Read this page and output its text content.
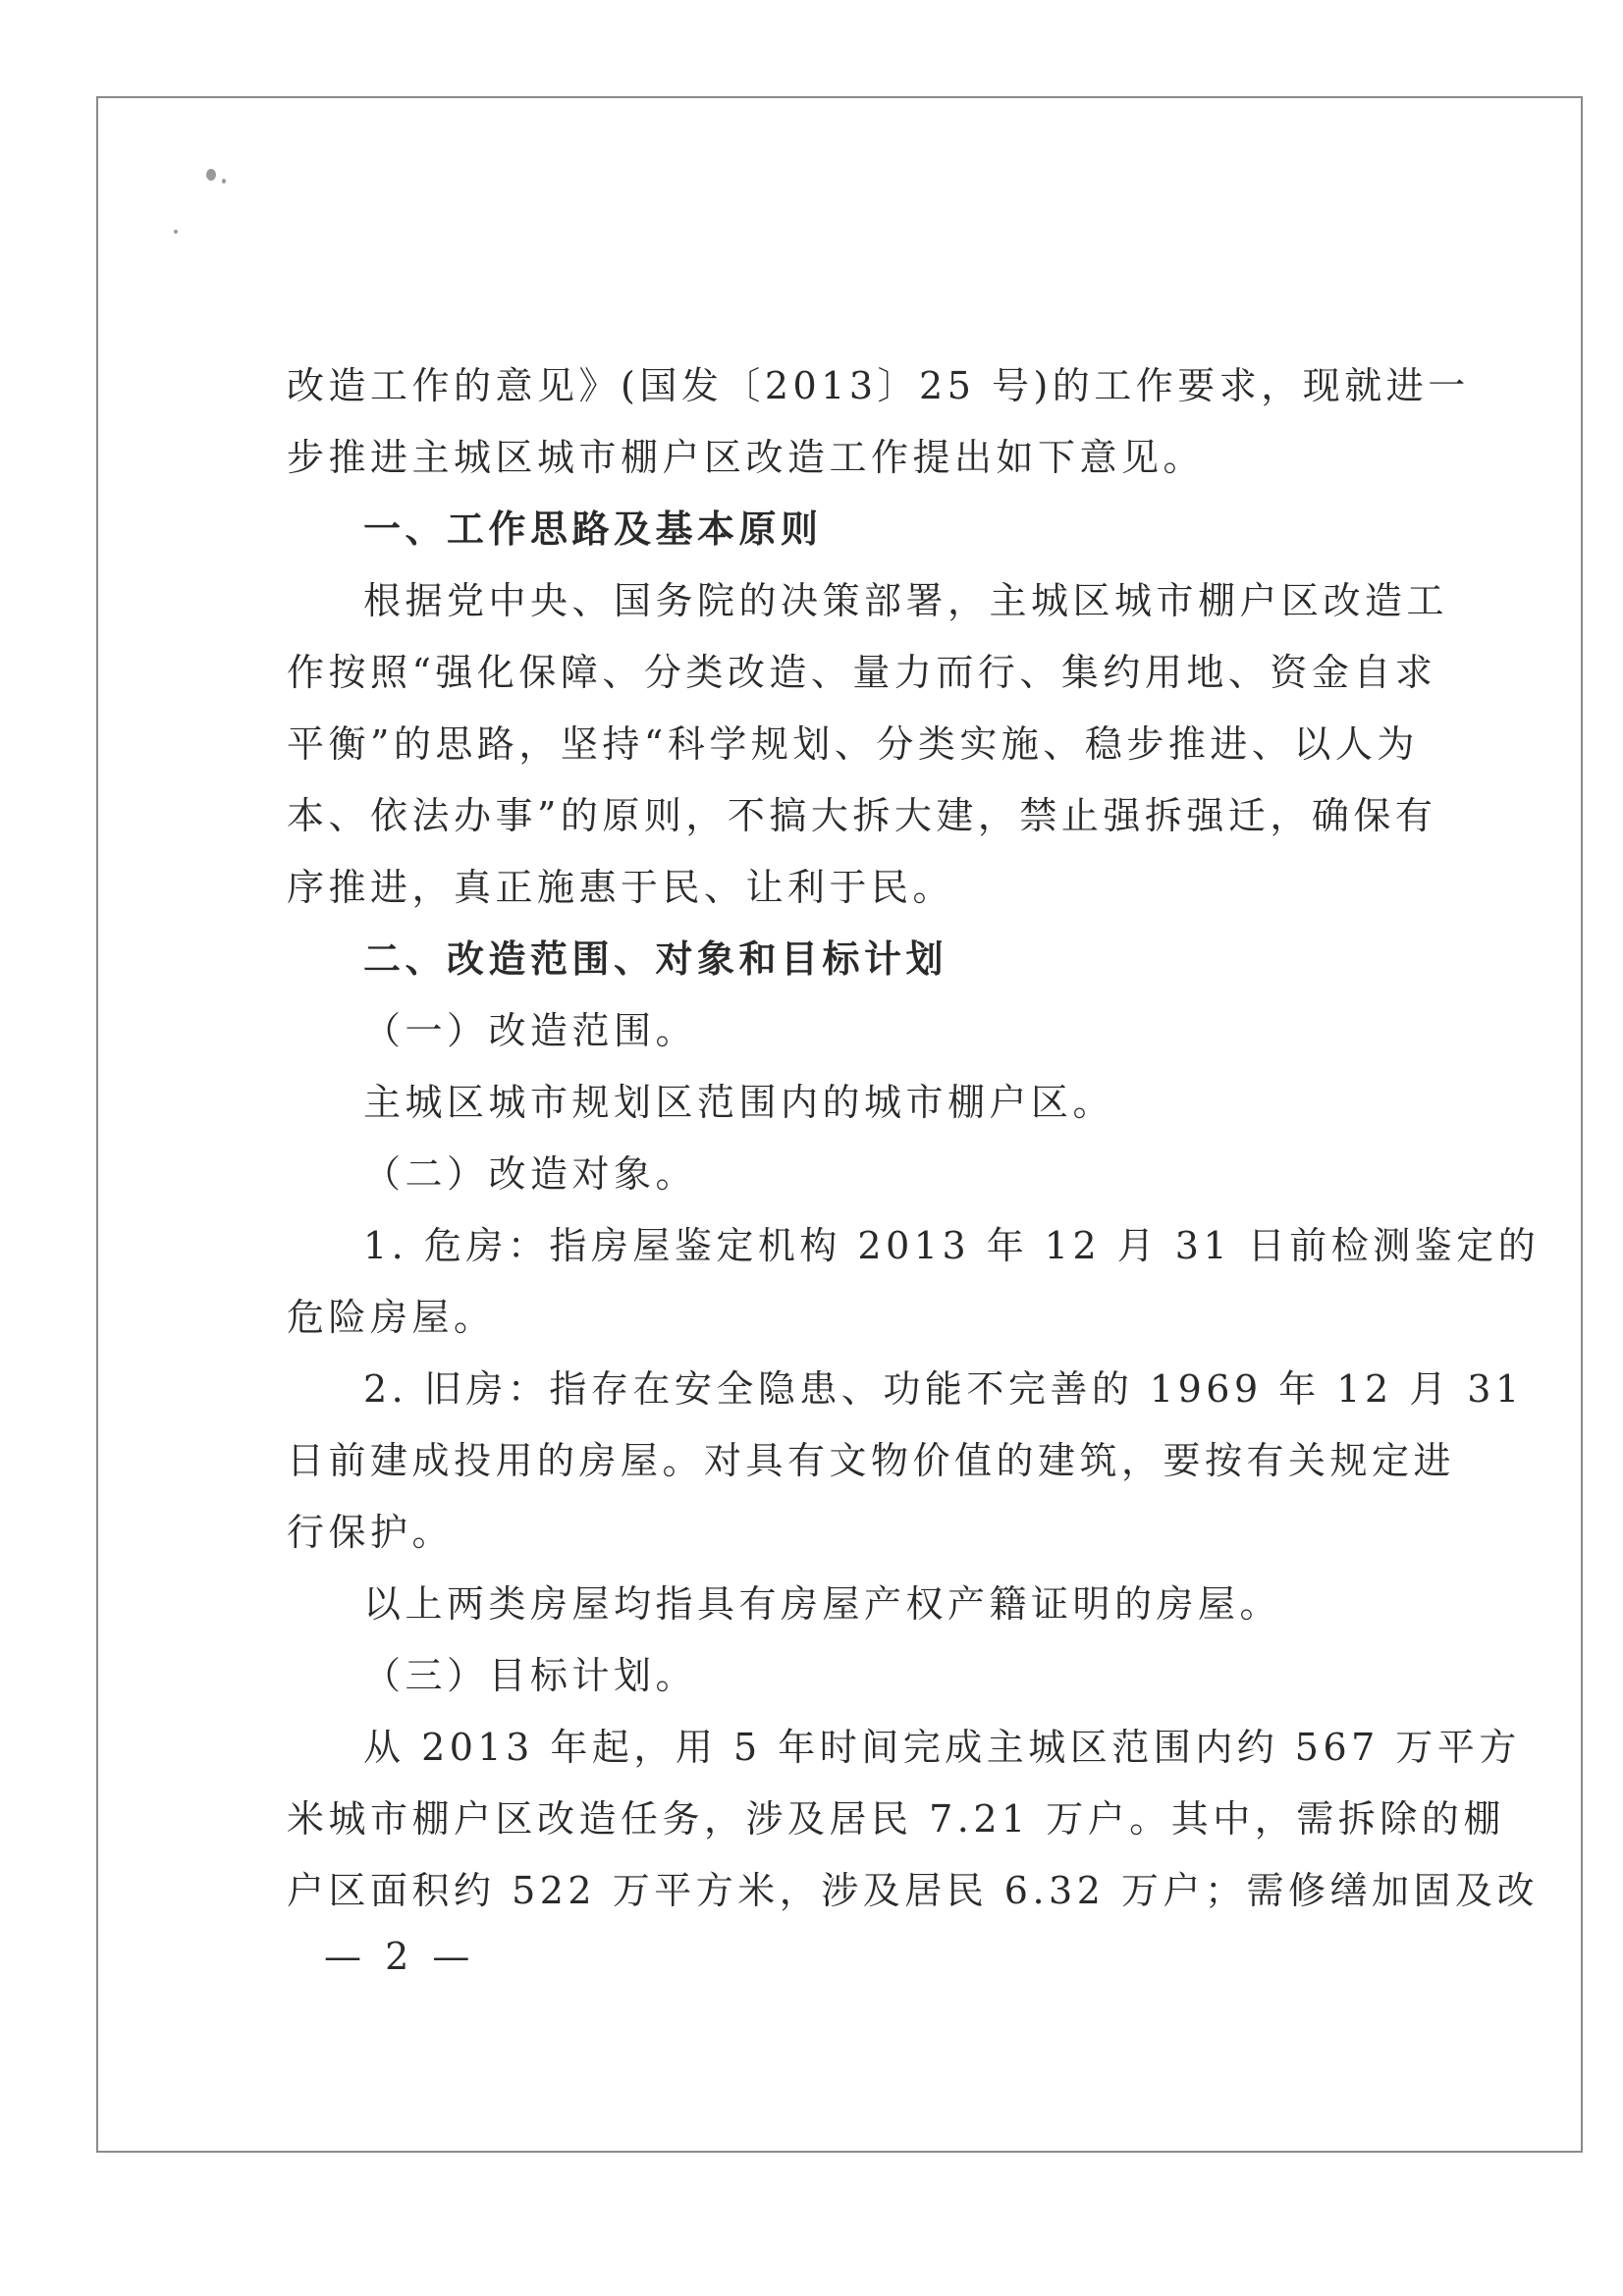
改造工作的意见》(国发〔2013〕25 号)的工作要求，现就进一
步推进主城区城市棚户区改造工作提出如下意见。
一、工作思路及基本原则
根据党中央、国务院的决策部署，主城区城市棚户区改造工
作按照“强化保障、分类改造、量力而行、集约用地、资金自求
平衡”的思路，坚持“科学规划、分类实施、稳步推进、以人为
本、依法办事”的原则，不搞大拆大建，禁止强拆强迁，确保有
序推进，真正施惠于民、让利于民。
二、改造范围、对象和目标计划
（一）改造范围。
主城区城市规划区范围内的城市棚户区。
（二）改造对象。
1. 危房：指房屋鉴定机构 2013 年 12 月 31 日前检测鉴定的
危险房屋。
2. 旧房：指存在安全隐患、功能不完善的 1969 年 12 月 31
日前建成投用的房屋。对具有文物价值的建筑，要按有关规定进
行保护。
以上两类房屋均指具有房屋产权产籍证明的房屋。
（三）目标计划。
从 2013 年起，用 5 年时间完成主城区范围内约 567 万平方
米城市棚户区改造任务，涉及居民 7.21 万户。其中，需拆除的棚
户区面积约 522 万平方米，涉及居民 6.32 万户；需修缮加固及改
— 2 —
